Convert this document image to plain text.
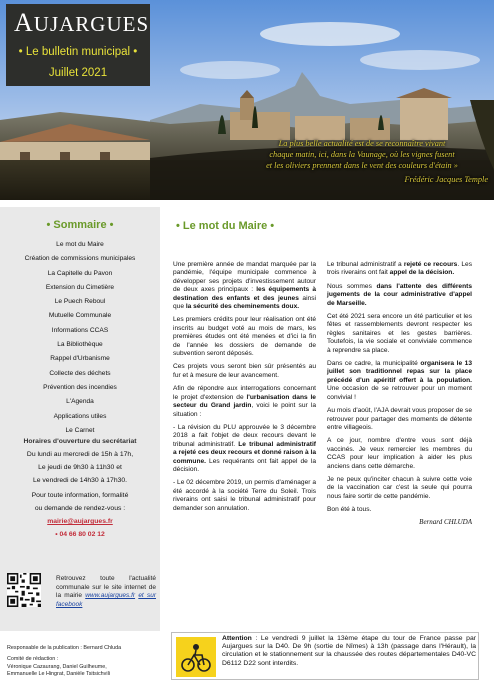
AUJARGUES
• Le bulletin municipal •
Juillet 2021
La plus belle actualité est de se reconnaître vivant
chaque matin, ici, dans la Vaunage, où les vignes fusent
et les oliviers prennent dans le vent des couleurs d'étain »
Frédéric Jacques Temple
• Sommaire •
Le mot du Maire
Création de commissions municipales
La Capitelle du Pavon
Extension du Cimetière
Le Puech Reboul
Mutuelle Communale
Informations CCAS
La Bibliothèque
Rappel d'Urbanisme
Collecte des déchets
Prévention des incendies
L'Agenda
Applications utiles
Le Carnet
Horaires d'ouverture du secrétariat
Du lundi au mercredi de 15h à 17h,
Le jeudi de 9h30 à 11h30 et
Le vendredi de 14h30 à 17h30.
Pour toute information, formalité
ou demande de rendez-vous :
mairie@aujargues.fr
• 04 66 80 02 12
Retrouvez toute l'actualité communale sur le site internet de la mairie www.aujargues.fr et sur facebook
• Le mot du Maire •

Une première année de mandat marquée par la pandémie, l'équipe municipale commence à développer ses projets d'investissement autour de deux axes principaux : les équipements à destination des enfants et des jeunes ainsi que la sécurité des cheminements doux.

Les premiers crédits pour leur réalisation ont été inscrits au budget voté au mois de mars, les premières études ont été menées et d'ici la fin de l'année les dossiers de demande de subvention seront déposés.

Ces projets vous seront bien sûr présentés au fur et à mesure de leur avancement.

Afin de répondre aux interrogations concernant le projet d'extension de l'urbanisation dans le secteur du Grand jardin, voici le point sur la situation :

- La révision du PLU approuvée le 3 décembre 2018 a fait l'objet de deux recours devant le tribunal administratif. Le tribunal administratif a rejeté ces deux recours et donné raison à la commune. Les requérants ont fait appel de la décision.

- Le 02 décembre 2019, un permis d'aménager a été accordé à la société Terre du Soleil. Trois riverains ont saisi le tribunal administratif pour demander son annulation.

Le tribunal administratif a rejeté ce recours. Les trois riverains ont fait appel de la décision.

Nous sommes dans l'attente des différents jugements de la cour administrative d'appel de Marseille.

Cet été 2021 sera encore un été particulier et les fêtes et rassemblements devront respecter les règles sanitaires et les gestes barrières. Toutefois, la vie sociale et conviviale commence à reprendre sa place.

Dans ce cadre, la municipalité organisera le 13 juillet son traditionnel repas sur la place précédé d'un apéritif offert à la population. Une occasion de se retrouver pour un moment convivial !

Au mois d'août, l'AJA devrait vous proposer de se retrouver pour partager des moments de détente entre villageois.

A ce jour, nombre d'entre vous sont déjà vaccinés. Je veux remercier les membres du CCAS pour leur implication à aider les plus anciens dans cette démarche.

Je ne peux qu'inciter chacun à suivre cette voie de la vaccination car c'est la seule qui pourra nous faire sortir de cette pandémie.

Bon été à tous.

Bernard CHLUDA
Responsable de la publication : Bernard Chluda
Comité de rédaction :
Véronique Cazaurang, Daniel Guilheume,
Emmanuelle Le Hingrat, Danièle Tsitsichvili
Attention : Le vendredi 9 juillet la 13ème étape du tour de France passe par Aujargues sur la D40. De 9h (sortie de Nîmes) à 13h (passage dans l'Hérault), la circulation et le stationnement sur la chaussée des routes départementales D40-VC D6112 D22 sont interdits.
